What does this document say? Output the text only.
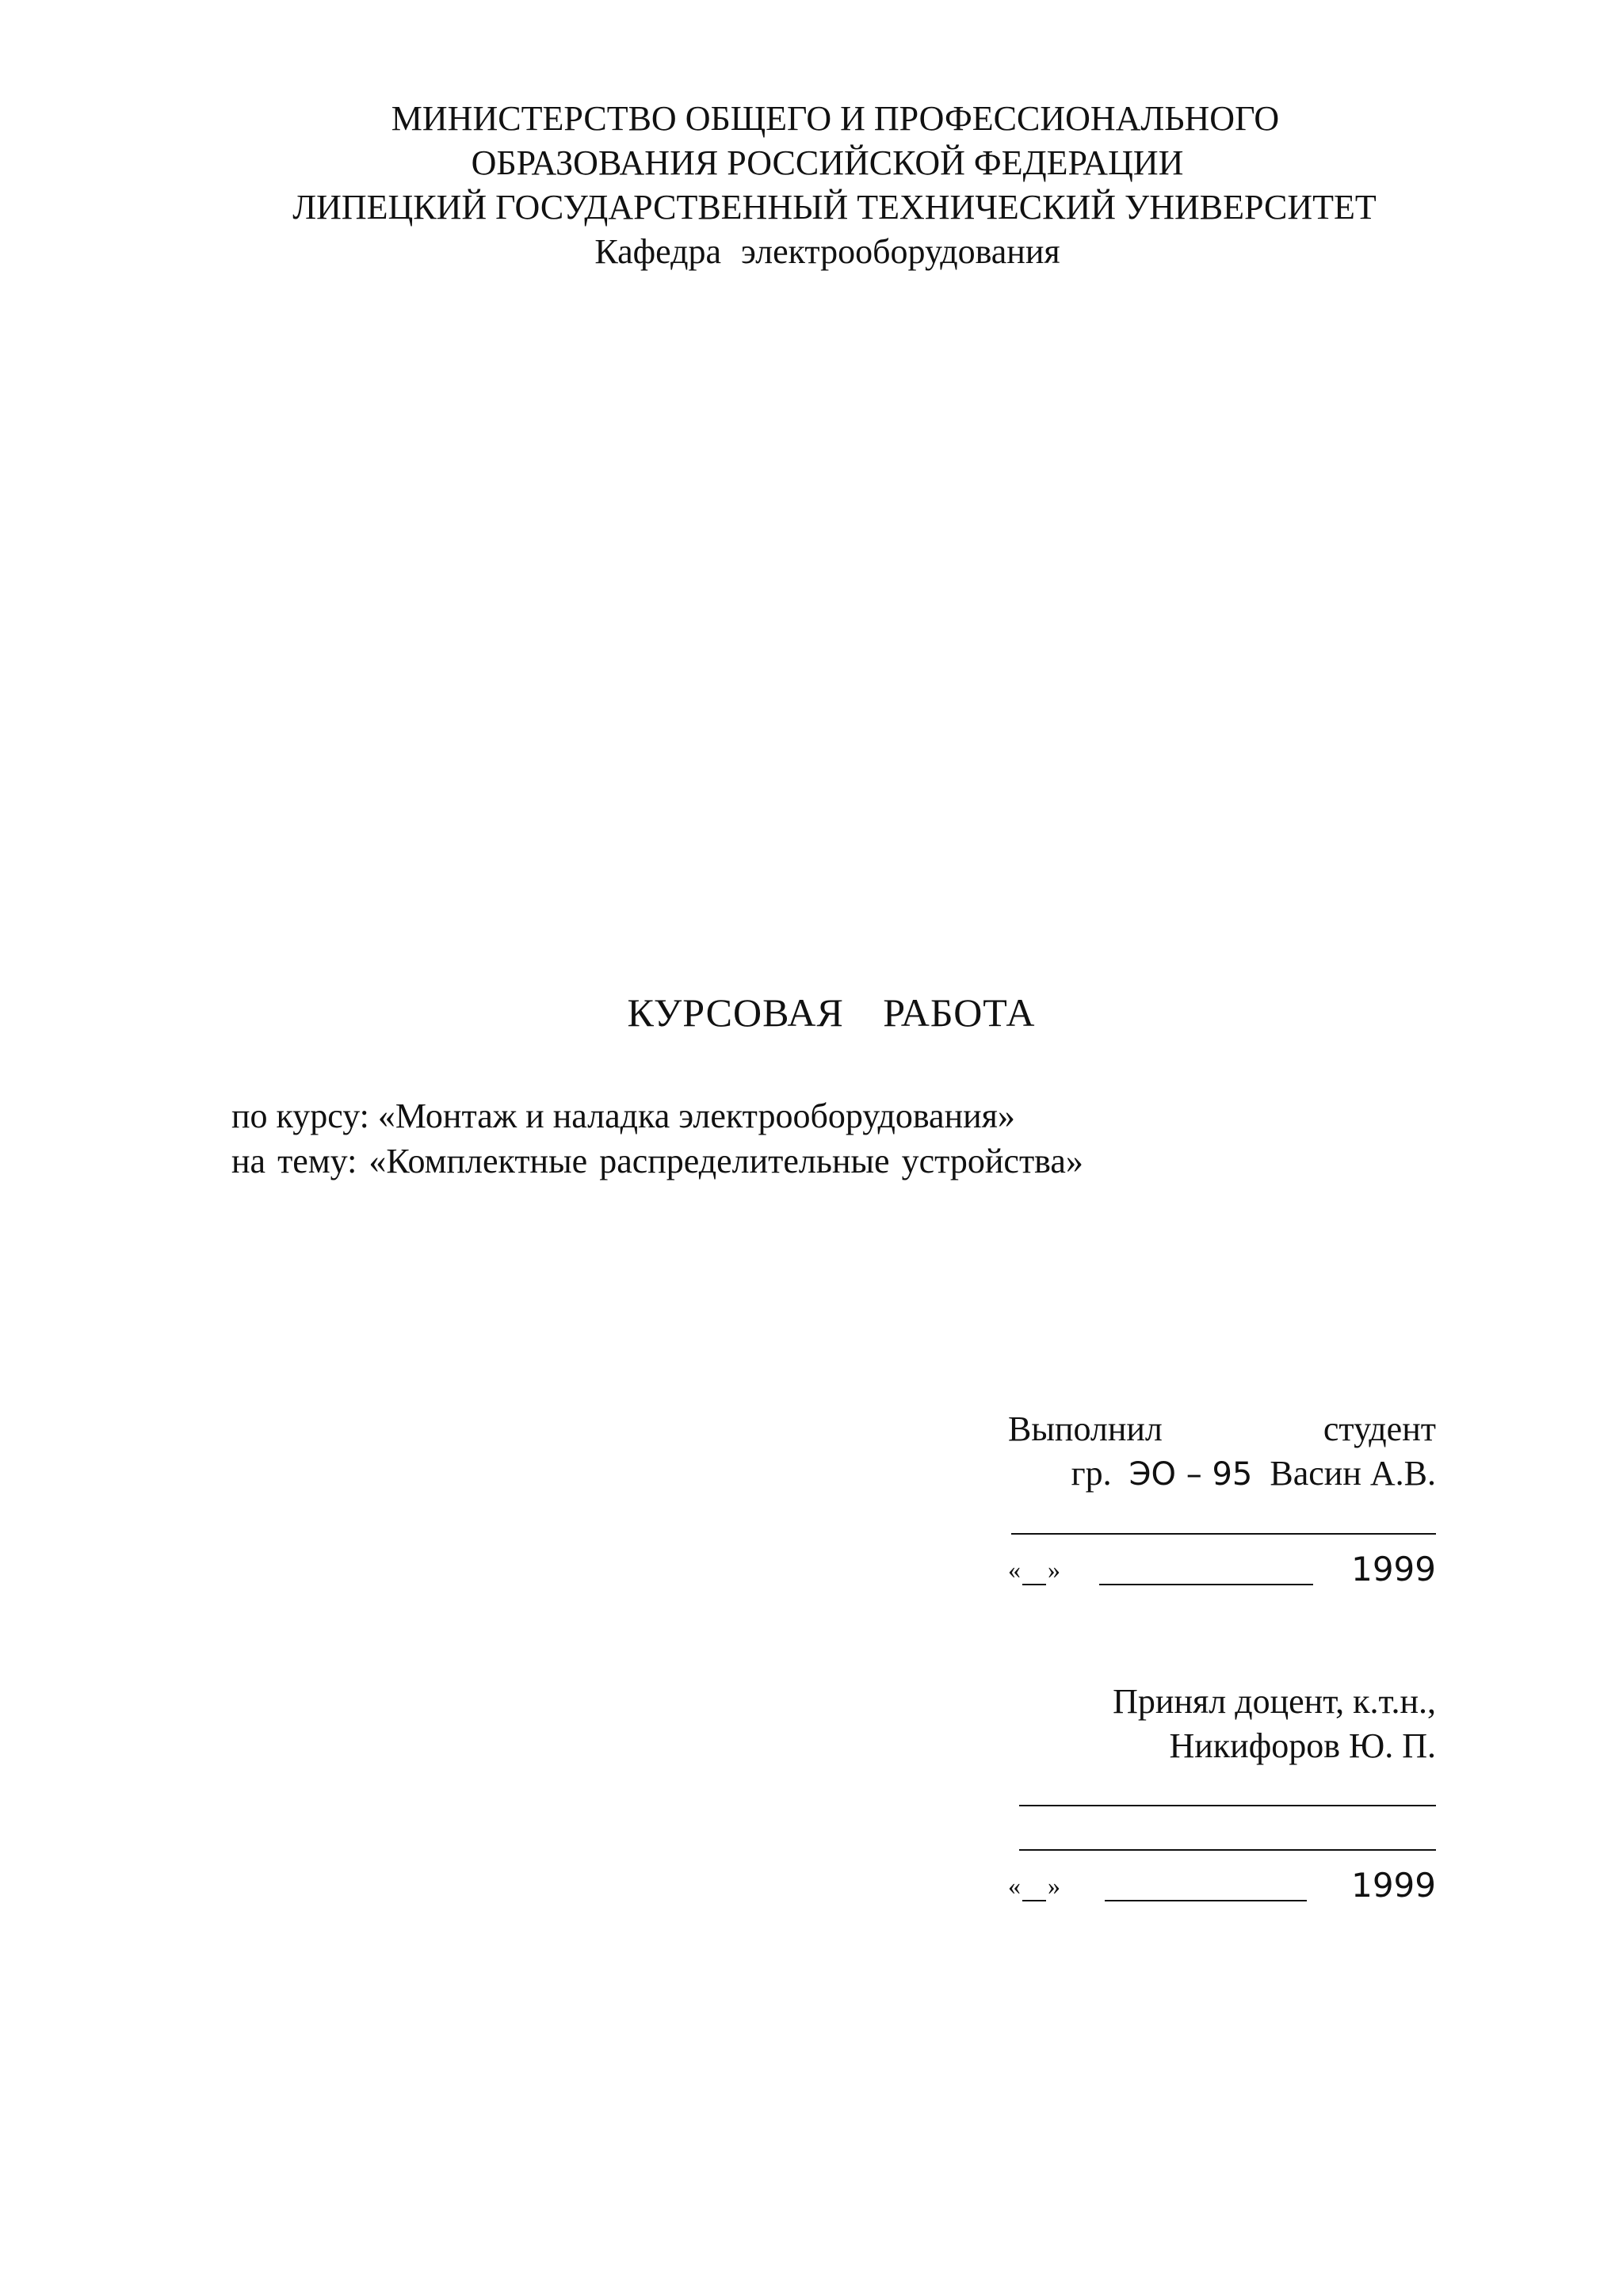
МИНИСТЕРСТВО ОБЩЕГО И ПРОФЕССИОНАЛЬНОГО
ОБРАЗОВАНИЯ РОССИЙСКОЙ ФЕДЕРАЦИИ
ЛИПЕЦКИЙ ГОСУДАРСТВЕННЫЙ ТЕХНИЧЕСКИЙ УНИВЕРСИТЕТ
Кафедра электрооборудования
КУРСОВАЯ РАБОТА
по курсу: «Монтаж и наладка электрооборудования»
на тему: «Комплектные распределительные устройства»
Выполнил	студент
гр. ЭО – 95 Васин А.В.
« »	1999
Принял доцент, к.т.н.,
Никифоров Ю. П.
« »	1999
